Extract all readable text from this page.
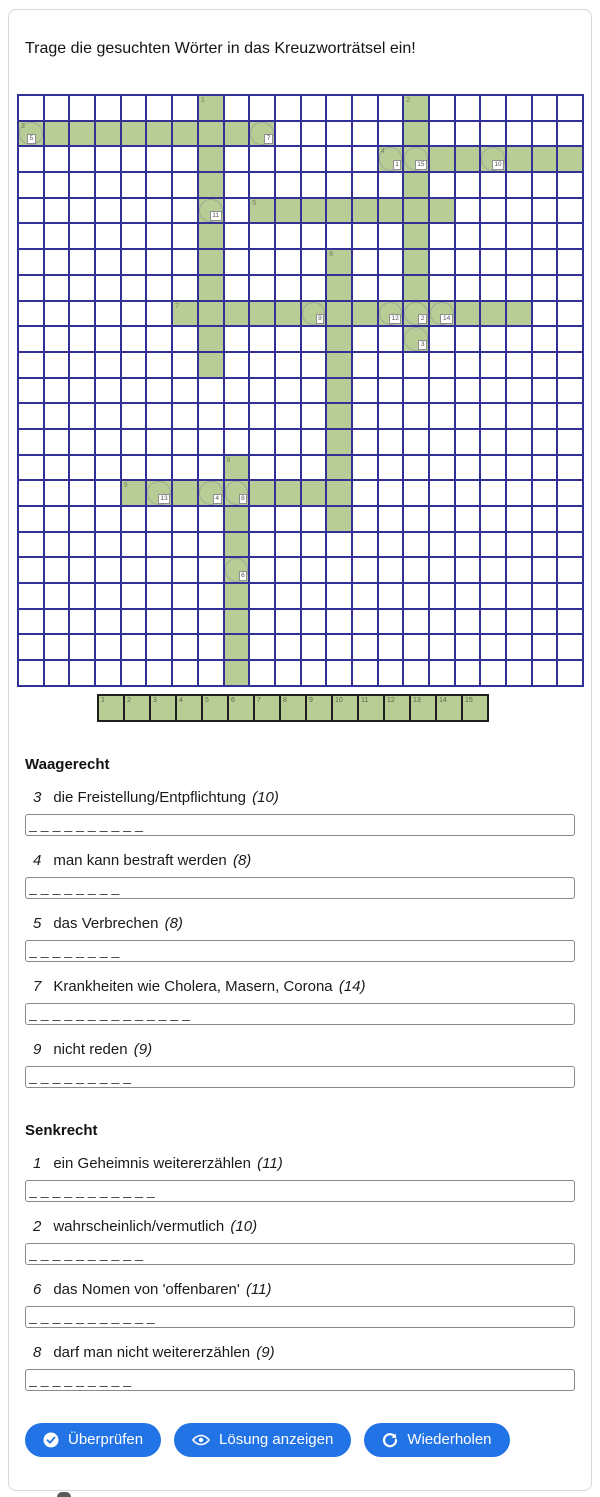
Trage die gesuchten Wörter in das Kreuzworträtsel ein!
1	2
5
3
7
1
4
15	10
11
5
6
7
9	12	2	14
3
8
9
13	4	8
6
1	2	3	4	5	6	7	8	9	10	11	12	13	14	15
Waagerecht
3 die Freistellung/Entpflichtung (10)
__________
4 man kann bestraft werden (8)
________
5 das Verbrechen (8)
________
7 Krankheiten wie Cholera, Masern, Corona (14)
______________
9 nicht reden (9)
_________
Senkrecht
1 ein Geheimnis weitererzählen (11)
___________
2 wahrscheinlich/vermutlich (10)
__________
6 das Nomen von 'offenbaren' (11)
___________
8 darf man nicht weitererzählen (9)
_________
Überprüfen	Lösung anzeigen	Wiederholen
